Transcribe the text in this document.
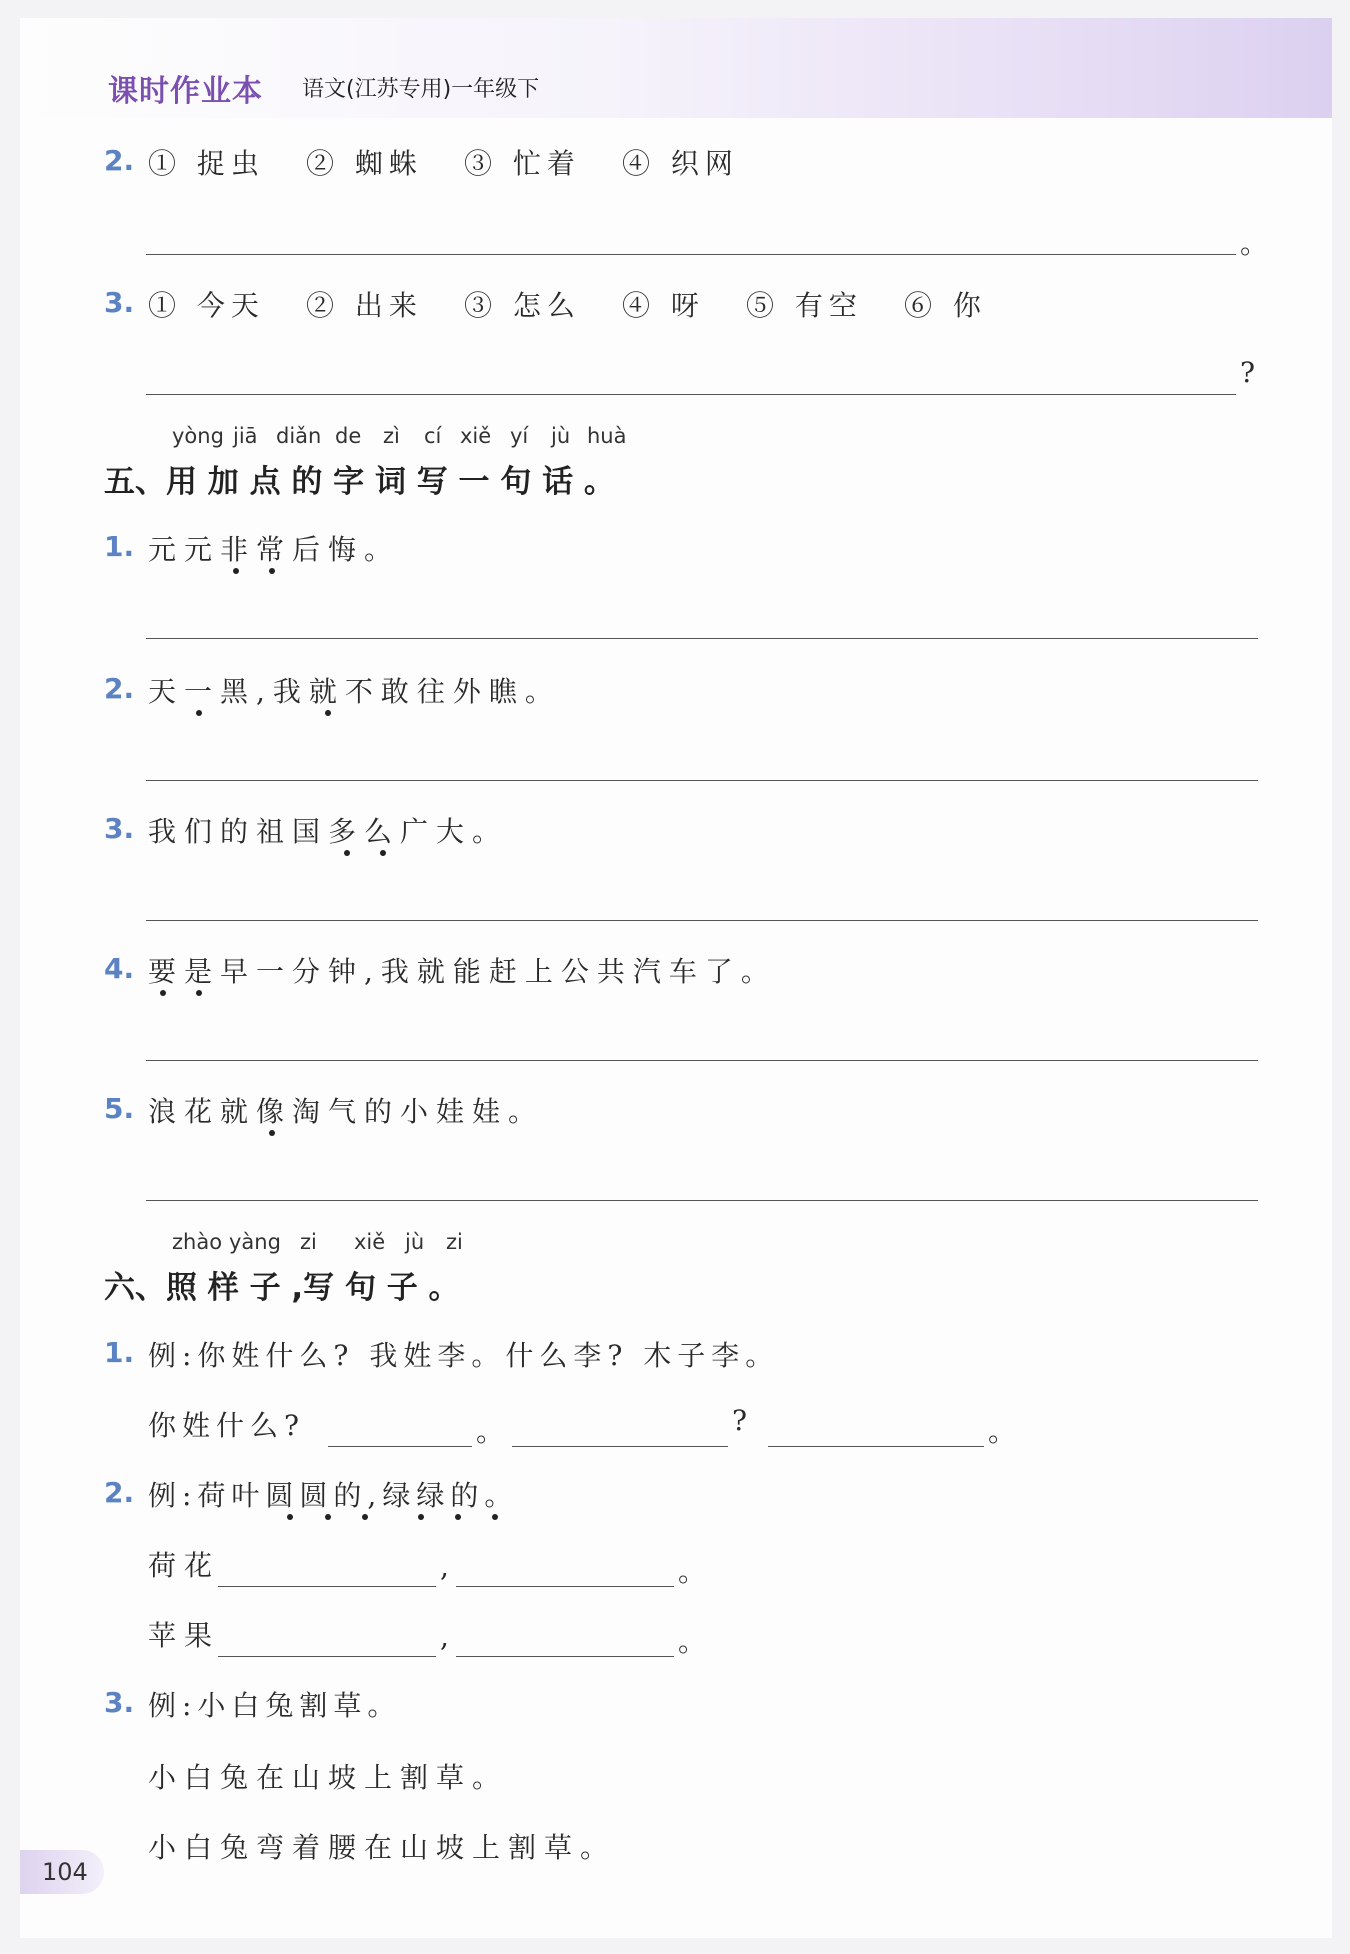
课时作业本 语文(江苏专用)一年级下
2. ① 捉虫 ② 蜘蛛 ③ 忙着 ④ 织网
。
3. ① 今天 ② 出来 ③ 怎么 ④ 呀 ⑤ 有空 ⑥ 你
?
yòng jiā diǎn de zì cí xiě yí jù huà
五、用 加 点 的 字 词 写 一 句 话 。
1. 元元非常后悔。
2. 天一黑,我就不敢往外瞧。
3. 我们的祖国多么广大。
4. 要是早一分钟,我就能赶上公共汽车了。
5. 浪花就像淘气的小娃娃。
zhào yàng zi xiě jù zi
六、照 样 子 ,写 句 子 。
1. 例:你姓什么? 我姓李。什么李? 木子李。
你姓什么?	。	?	。
2. 例:荷叶圆圆的,绿绿的。
荷花	,	。
苹果	,	。
3. 例:小白兔割草。
小白兔在山坡上割草。
小白兔弯着腰在山坡上割草。
104
